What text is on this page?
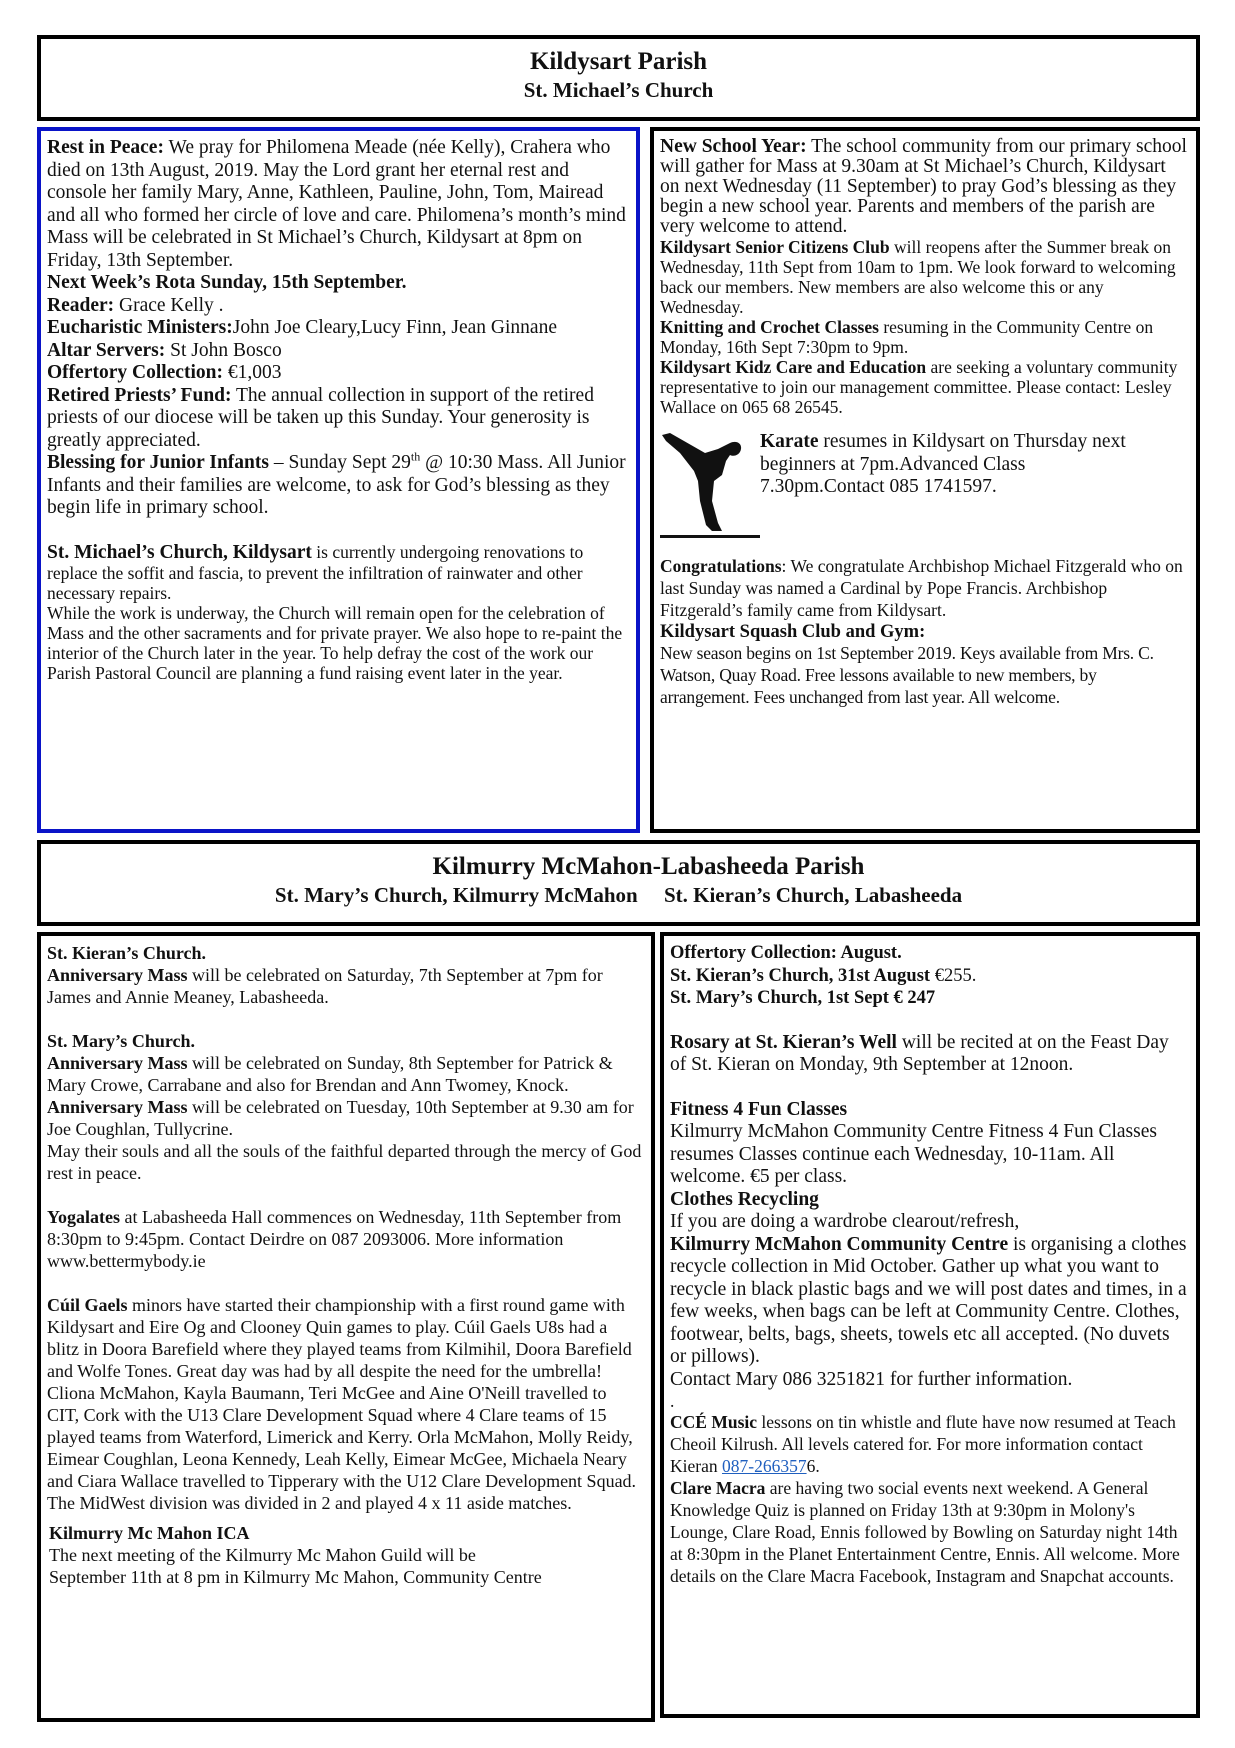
Kildysart Parish
St. Michael’s Church

Rest in Peace: We pray for Philomena Meade (née Kelly), Crahera who died on 13th August, 2019. May the Lord grant her eternal rest and console her family Mary, Anne, Kathleen, Pauline, John, Tom, Mairead and all who formed her circle of love and care. Philomena’s month’s mind Mass will be celebrated in St Michael’s Church, Kildysart at 8pm on Friday, 13th September.

Next Week’s Rota Sunday, 15th September.

Reader: Grace Kelly .

Eucharistic Ministers:John Joe Cleary,Lucy Finn, Jean Ginnane

Altar Servers: St John Bosco

Offertory Collection: €1,003

Retired Priests’ Fund: The annual collection in support of the retired priests of our diocese will be taken up this Sunday. Your generosity is greatly appreciated.

Blessing for Junior Infants – Sunday Sept 29th @ 10:30 Mass. All Junior Infants and their families are welcome, to ask for God’s blessing as they begin life in primary school.

St. Michael’s Church, Kildysart is currently undergoing renovations to replace the soffit and fascia, to prevent the infiltration of rainwater and other necessary repairs.

While the work is underway, the Church will remain open for the celebration of Mass and the other sacraments and for private prayer. We also hope to re-paint the interior of the Church later in the year. To help defray the cost of the work our Parish Pastoral Council are planning a fund raising event later in the year.

New School Year: The school community from our primary school will gather for Mass at 9.30am at St Michael’s Church, Kildysart on next Wednesday (11 September) to pray God’s blessing as they begin a new school year. Parents and members of the parish are very welcome to attend.

Kildysart Senior Citizens Club will reopens after the Summer break on Wednesday, 11th Sept from 10am to 1pm. We look forward to welcoming back our members. New members are also welcome this or any Wednesday.

Knitting and Crochet Classes resuming in the Community Centre on Monday, 16th Sept 7:30pm to 9pm.

Kildysart Kidz Care and Education are seeking a voluntary community representative to join our management committee. Please contact: Lesley Wallace on 065 68 26545.

Karate resumes in Kildysart on Thursday next beginners at 7pm.Advanced Class 7.30pm.Contact 085 1741597.

Congratulations: We congratulate Archbishop Michael Fitzgerald who on last Sunday was named a Cardinal by Pope Francis. Archbishop Fitzgerald’s family came from Kildysart.

Kildysart Squash Club and Gym:

New season begins on 1st September 2019. Keys available from Mrs. C. Watson, Quay Road. Free lessons available to new members, by arrangement. Fees unchanged from last year. All welcome.

Kilmurry McMahon-Labasheeda Parish
St. Mary’s Church, Kilmurry McMahon     St. Kieran’s Church, Labasheeda

St. Kieran’s Church.

Anniversary Mass will be celebrated on Saturday, 7th September at 7pm for James and Annie Meaney, Labasheeda.

St. Mary’s Church.

Anniversary Mass will be celebrated on Sunday, 8th September for Patrick & Mary Crowe, Carrabane and also for Brendan and Ann Twomey, Knock.

Anniversary Mass will be celebrated on Tuesday, 10th September at 9.30 am for Joe Coughlan, Tullycrine.

May their souls and all the souls of the faithful departed through the mercy of God rest in peace.

Yogalates at Labasheeda Hall commences on Wednesday, 11th September from 8:30pm to 9:45pm. Contact Deirdre on 087 2093006. More information www.bettermybody.ie

Cúil Gaels minors have started their championship with a first round game with Kildysart and Eire Og and Clooney Quin games to play. Cúil Gaels U8s had a blitz in Doora Barefield where they played teams from Kilmihil, Doora Barefield and Wolfe Tones. Great day was had by all despite the need for the umbrella! Cliona McMahon, Kayla Baumann, Teri McGee and Aine O'Neill travelled to CIT, Cork with the U13 Clare Development Squad where 4 Clare teams of 15 played teams from Waterford, Limerick and Kerry. Orla McMahon, Molly Reidy, Eimear Coughlan, Leona Kennedy, Leah Kelly, Eimear McGee, Michaela Neary and Ciara Wallace travelled to Tipperary with the U12 Clare Development Squad. The MidWest division was divided in 2 and played 4 x 11 aside matches.

Kilmurry Mc Mahon ICA

The next meeting of the Kilmurry Mc Mahon Guild will be September 11th at 8 pm in Kilmurry Mc Mahon, Community Centre

Offertory Collection: August.

St. Kieran’s Church, 31st August €255.

St. Mary’s Church, 1st Sept € 247

Rosary at St. Kieran’s Well will be recited at on the Feast Day of St. Kieran on Monday, 9th September at 12noon.

Fitness 4 Fun Classes

Kilmurry McMahon Community Centre Fitness 4 Fun Classes resumes Classes continue each Wednesday, 10-11am. All welcome. €5 per class.

Clothes Recycling

If you are doing a wardrobe clearout/refresh,

Kilmurry McMahon Community Centre is organising a clothes recycle collection in Mid October. Gather up what you want to recycle in black plastic bags and we will post dates and times, in a few weeks, when bags can be left at Community Centre. Clothes, footwear, belts, bags, sheets, towels etc all accepted. (No duvets or pillows).

Contact Mary 086 3251821 for further information.

.

CCÉ Music lessons on tin whistle and flute have now resumed at Teach Cheoil Kilrush. All levels catered for. For more information contact Kieran 087-2663576.

Clare Macra are having two social events next weekend. A General Knowledge Quiz is planned on Friday 13th at 9:30pm in Molony's Lounge, Clare Road, Ennis followed by Bowling on Saturday night 14th at 8:30pm in the Planet Entertainment Centre, Ennis. All welcome. More details on the Clare Macra Facebook, Instagram and Snapchat accounts.
